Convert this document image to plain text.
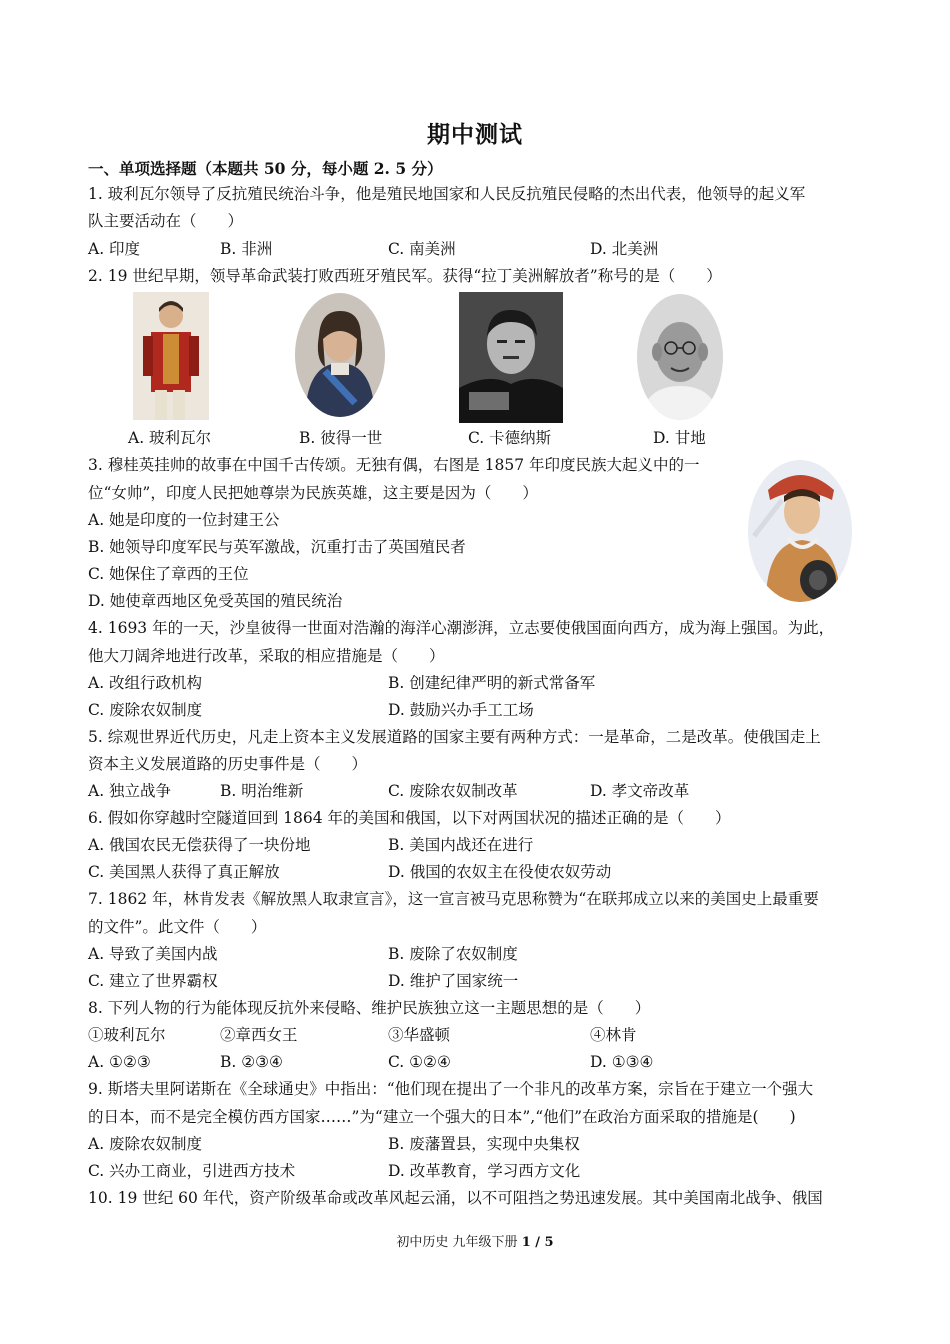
期中测试
一、单项选择题（本题共 50 分，每小题 2. 5 分）
1. 玻利瓦尔领导了反抗殖民统治斗争，他是殖民地国家和人民反抗殖民侵略的杰出代表，他领导的起义军
队主要活动在（　　）
A. 印度	B. 非洲	C. 南美洲	D. 北美洲
2. 19 世纪早期，领导革命武装打败西班牙殖民军。获得“拉丁美洲解放者”称号的是（　　）
A. 玻利瓦尔	B. 彼得一世	C. 卡德纳斯	D. 甘地
3. 穆桂英挂帅的故事在中国千古传颂。无独有偶，右图是 1857 年印度民族大起义中的一
位“女帅”，印度人民把她尊崇为民族英雄，这主要是因为（　　）
A. 她是印度的一位封建王公
B. 她领导印度军民与英军激战，沉重打击了英国殖民者
C. 她保住了章西的王位
D. 她使章西地区免受英国的殖民统治
4. 1693 年的一天，沙皇彼得一世面对浩瀚的海洋心潮澎湃，立志要使俄国面向西方，成为海上强国。为此，
他大刀阔斧地进行改革，采取的相应措施是（　　）
A. 改组行政机构	B. 创建纪律严明的新式常备军
C. 废除农奴制度	D. 鼓励兴办手工工场
5. 综观世界近代历史，凡走上资本主义发展道路的国家主要有两种方式：一是革命，二是改革。使俄国走上
资本主义发展道路的历史事件是（　　）
A. 独立战争	B. 明治维新	C. 废除农奴制改革	D. 孝文帝改革
6. 假如你穿越时空隧道回到 1864 年的美国和俄国，以下对两国状况的描述正确的是（　　）
A. 俄国农民无偿获得了一块份地	B. 美国内战还在进行
C. 美国黑人获得了真正解放	D. 俄国的农奴主在役使农奴劳动
7. 1862 年，林肯发表《解放黑人取隶宣言》，这一宣言被马克思称赞为“在联邦成立以来的美国史上最重要
的文件”。此文件（　　）
A. 导致了美国内战	B. 废除了农奴制度
C. 建立了世界霸权	D. 维护了国家统一
8. 下列人物的行为能体现反抗外来侵略、维护民族独立这一主题思想的是（　　）
①玻利瓦尔	②章西女王	③华盛顿	④林肯
A. ①②③	B. ②③④	C. ①②④	D. ①③④
9. 斯塔夫里阿诺斯在《全球通史》中指出：“他们现在提出了一个非凡的改革方案，宗旨在于建立一个强大
的日本，而不是完全模仿西方国家……”为“建立一个强大的日本”,“他们”在政治方面采取的措施是(　　)
A. 废除农奴制度	B. 废藩置县，实现中央集权
C. 兴办工商业，引进西方技术	D. 改革教育，学习西方文化
10. 19 世纪 60 年代，资产阶级革命或改革风起云涌，以不可阻挡之势迅速发展。其中美国南北战争、俄国
初中历史 九年级下册 1 / 5
